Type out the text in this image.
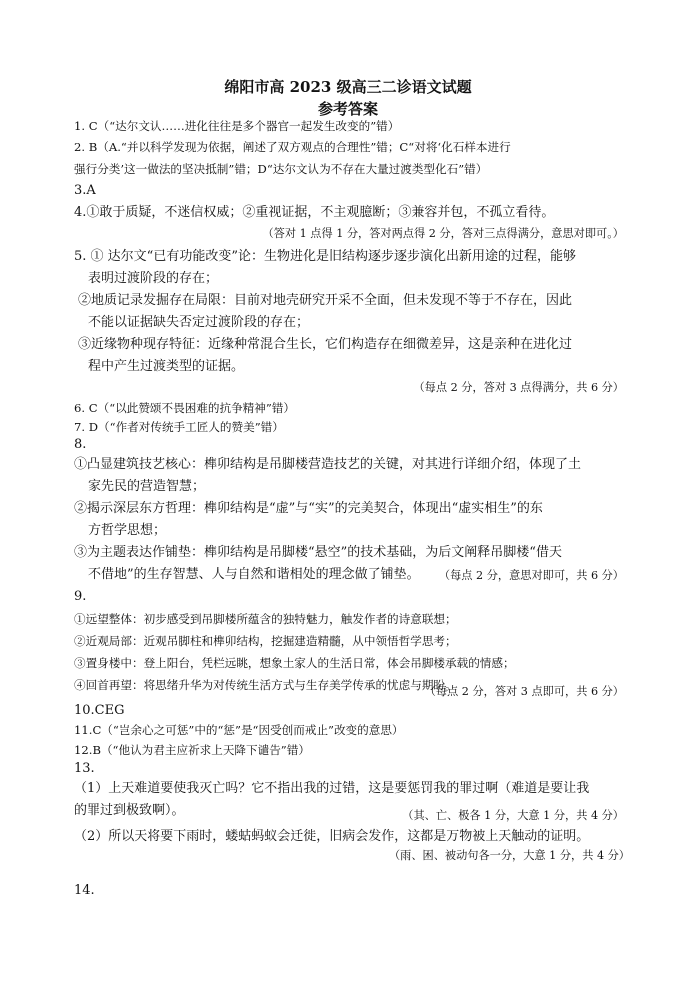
绵阳市高 2023 级高三二诊语文试题
参考答案
1. C（“达尔文认……进化往往是多个器官一起发生改变的”错）
2. B（A.“并以科学发现为依据，阐述了双方观点的合理性”错；C“对将‘化石样本进行
强行分类’这一做法的坚决抵制”错；D“达尔文认为不存在大量过渡类型化石”错）
3.A
4.①敢于质疑，不迷信权威；②重视证据，不主观臆断；③兼容并包，不孤立看待。
（答对 1 点得 1 分，答对两点得 2 分，答对三点得满分，意思对即可。）
5. ① 达尔文“已有功能改变”论：生物进化是旧结构逐步逐步演化出新用途的过程，能够
表明过渡阶段的存在；
②地质记录发掘存在局限：目前对地壳研究开采不全面，但未发现不等于不存在，因此
不能以证据缺失否定过渡阶段的存在；
③近缘物种现存特征：近缘种常混合生长，它们构造存在细微差异，这是亲种在进化过
程中产生过渡类型的证据。
（每点 2 分，答对 3 点得满分，共 6 分）
6. C（“以此赞颂不畏困难的抗争精神”错）
7. D（“作者对传统手工匠人的赞美”错）
8.
①凸显建筑技艺核心：榫卯结构是吊脚楼营造技艺的关键，对其进行详细介绍，体现了土
家先民的营造智慧；
②揭示深层东方哲理：榫卯结构是“虚”与“实”的完美契合，体现出“虚实相生”的东
方哲学思想；
③为主题表达作铺垫：榫卯结构是吊脚楼“悬空”的技术基础，为后文阐释吊脚楼“借天
不借地”的生存智慧、人与自然和谐相处的理念做了铺垫。 （每点 2 分，意思对即可，共 6 分）
9.
①远望整体：初步感受到吊脚楼所蕴含的独特魅力，触发作者的诗意联想；
②近观局部：近观吊脚柱和榫卯结构，挖掘建造精髓，从中领悟哲学思考；
③置身楼中：登上阳台，凭栏远眺，想象土家人的生活日常，体会吊脚楼承载的情感；
④回首再望：将思绪升华为对传统生活方式与生存美学传承的忧虑与期盼。
（每点 2 分，答对 3 点即可，共 6 分）
10.CEG
11.C（“岂余心之可惩”中的“惩”是“因受创而戒止”改变的意思）
12.B（“他认为君主应祈求上天降下谴告”错）
13.
（1）上天难道要使我灭亡吗？它不指出我的过错，这是要惩罚我的罪过啊（难道是要让我
的罪过到极致啊）。	（其、亡、极各 1 分，大意 1 分，共 4 分）
（2）所以天将要下雨时，蝼蛄蚂蚁会迁徙，旧病会发作，这都是万物被上天触动的证明。
（雨、困、被动句各一分，大意 1 分，共 4 分）
14.
